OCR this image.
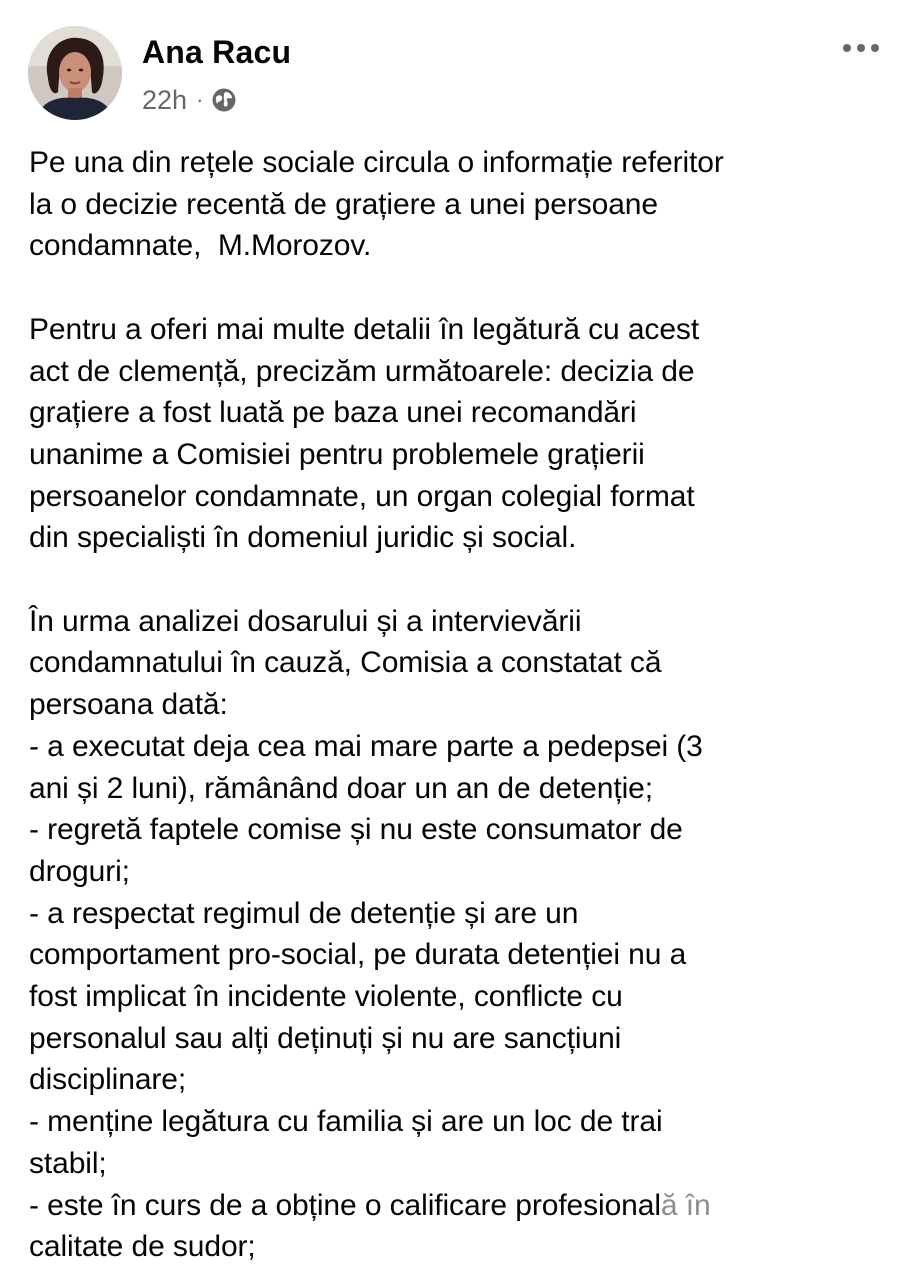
Ana Racu
22h ·
Pe una din rețele sociale circula o informație referitor
la o decizie recentă de grațiere a unei persoane
condamnate,  M.Morozov.
Pentru a oferi mai multe detalii în legătură cu acest
act de clemență, precizăm următoarele: decizia de
grațiere a fost luată pe baza unei recomandări
unanime a Comisiei pentru problemele grațierii
persoanelor condamnate, un organ colegial format
din specialiști în domeniul juridic și social.
În urma analizei dosarului și a intervievării
condamnatului în cauză, Comisia a constatat că
persoana dată:
- a executat deja cea mai mare parte a pedepsei (3
ani și 2 luni), rămânând doar un an de detenție;
- regretă faptele comise și nu este consumator de
droguri;
- a respectat regimul de detenție și are un
comportament pro-social, pe durata detenției nu a
fost implicat în incidente violente, conflicte cu
personalul sau alți deținuți și nu are sancțiuni
disciplinare;
- menține legătura cu familia și are un loc de trai
stabil;
- este în curs de a obține o calificare profesională în
calitate de sudor;
